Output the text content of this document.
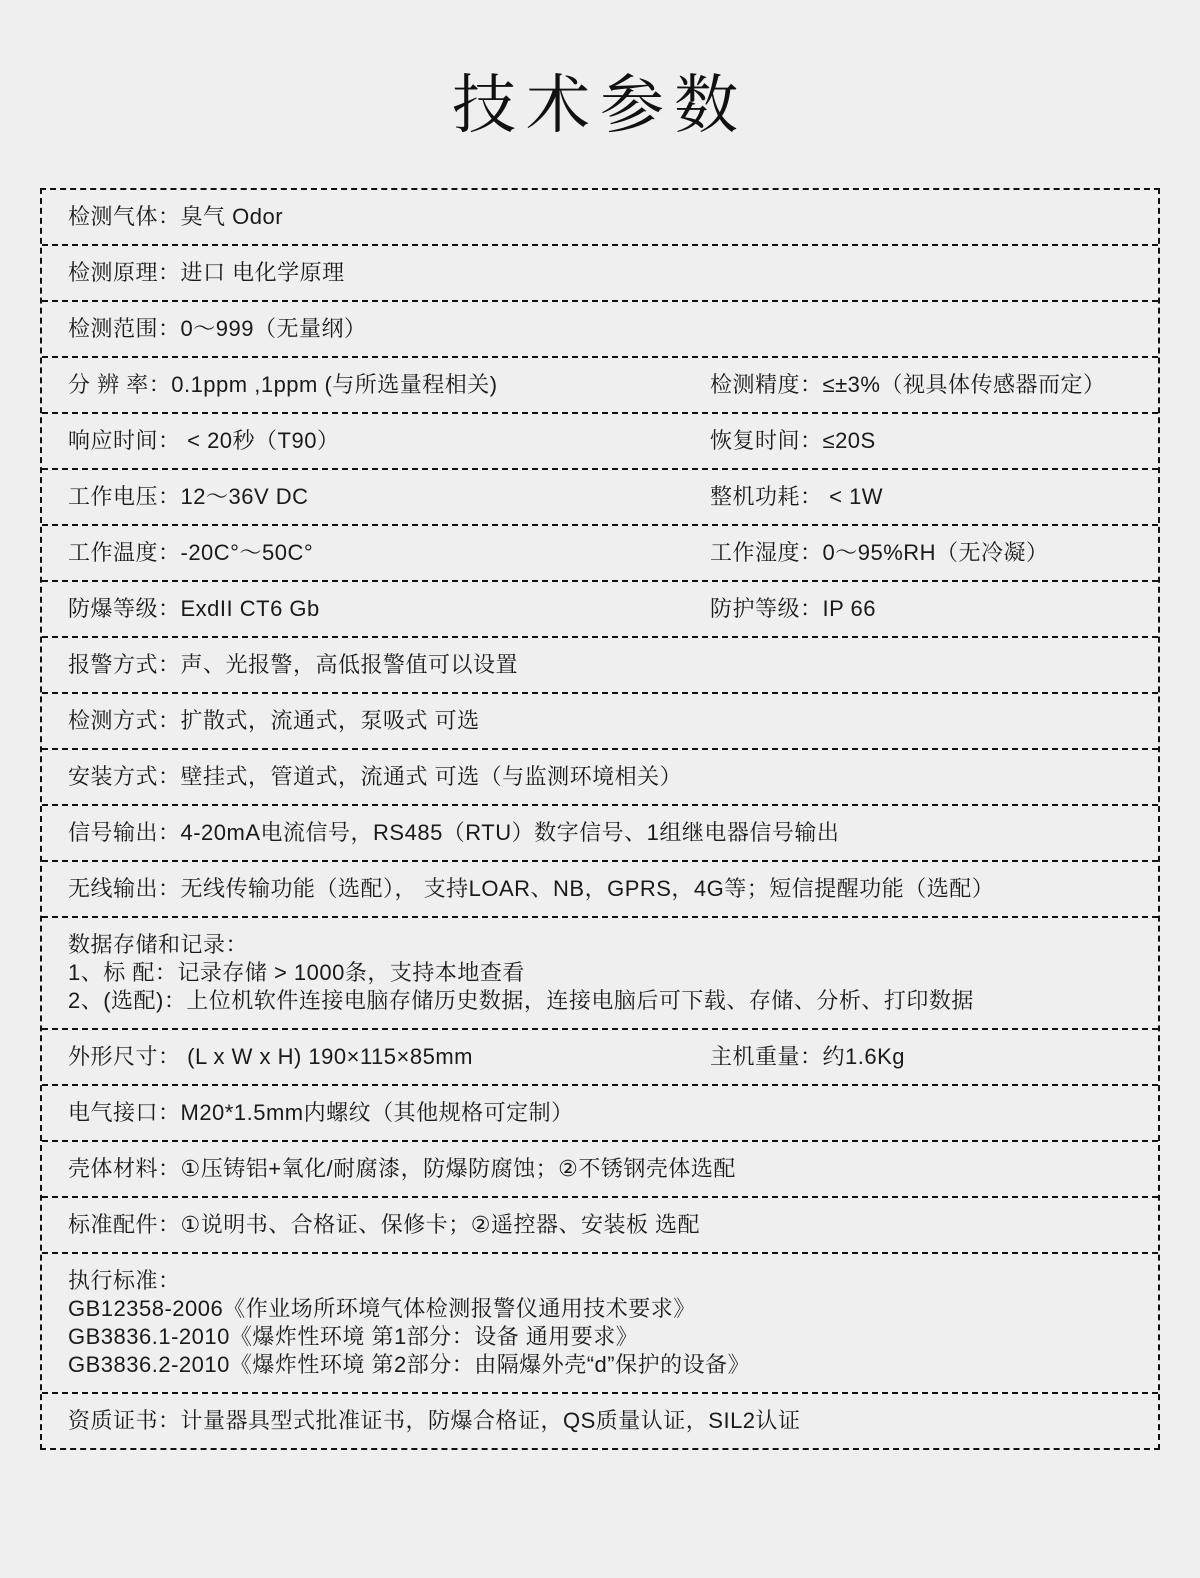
技术参数
检测气体：臭气 Odor
检测原理：进口 电化学原理
检测范围：0～999（无量纲）
分 辨 率：0.1ppm ,1ppm (与所选量程相关)	检测精度：≤±3%（视具体传感器而定）
响应时间： < 20秒（T90）	恢复时间：≤20S
工作电压：12～36V DC	整机功耗： < 1W
工作温度：-20C°～50C°	工作湿度：0～95%RH（无冷凝）
防爆等级：ExdII CT6 Gb	防护等级：IP 66
报警方式：声、光报警，高低报警值可以设置
检测方式：扩散式，流通式，泵吸式 可选
安装方式：壁挂式，管道式，流通式 可选（与监测环境相关）
信号输出：4-20mA电流信号，RS485（RTU）数字信号、1组继电器信号输出
无线输出：无线传输功能（选配）， 支持LOAR、NB，GPRS，4G等；短信提醒功能（选配）
数据存储和记录：
1、标 配：记录存储 > 1000条，支持本地查看
2、(选配)：上位机软件连接电脑存储历史数据，连接电脑后可下载、存储、分析、打印数据
外形尺寸： (L x W x H) 190×115×85mm	主机重量：约1.6Kg
电气接口：M20*1.5mm内螺纹（其他规格可定制）
壳体材料：①压铸铝+氧化/耐腐漆，防爆防腐蚀；②不锈钢壳体选配
标准配件：①说明书、合格证、保修卡；②遥控器、安装板 选配
执行标准：
GB12358-2006《作业场所环境气体检测报警仪通用技术要求》
GB3836.1-2010《爆炸性环境 第1部分：设备 通用要求》
GB3836.2-2010《爆炸性环境 第2部分：由隔爆外壳“d”保护的设备》
资质证书：计量器具型式批准证书，防爆合格证，QS质量认证，SIL2认证
